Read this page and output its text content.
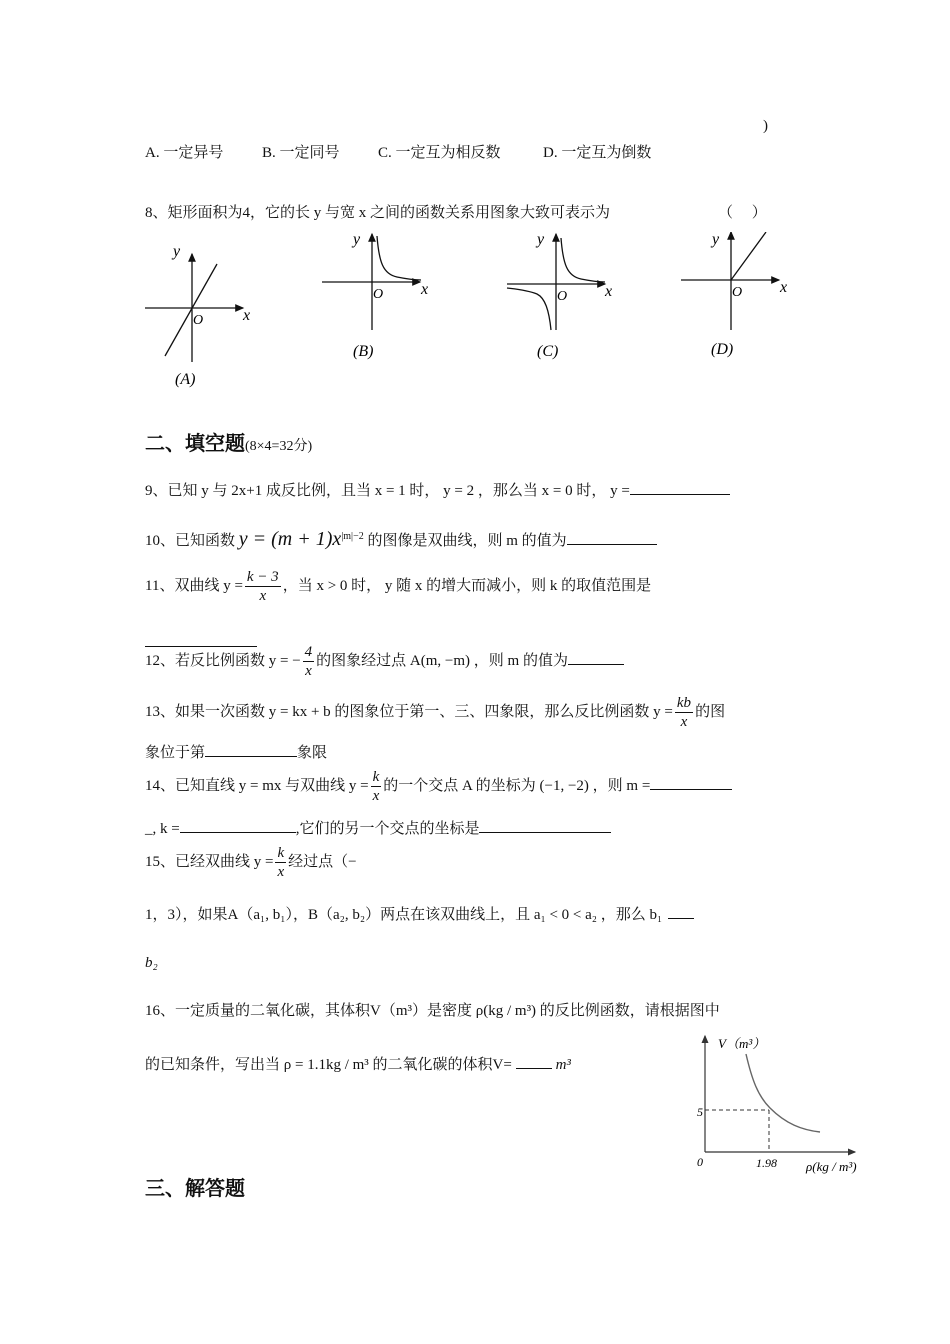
)
A. 一定异号	B. 一定同号	C. 一定互为相反数	D. 一定互为倒数
8、矩形面积为4，它的长 y 与宽 x 之间的函数关系用图象大致可表示为	（　 ）
y
x
O
(A)
y
x
O
(B)
y
x
O
(C)
y
x
O
(D)
二、填空题(8×4=32分)
9、已知 y 与 2x+1 成反比例，且当 x = 1 时， y = 2 ，那么当 x = 0 时， y =
10、已知函数 $y = (m + 1)x^{|m|-2}$ 的图像是双曲线，则 m 的值为
11、双曲线 $y = \frac{k - 3}{x}$ ，当 x > 0 时， y 随 x 的增大而减小，则 k 的取值范围是
12、若反比例函数 y = − $\frac{4}{x}$ 的图象经过点 A(m, −m) ，则 m 的值为
13、如果一次函数 y = kx + b 的图象位于第一、三、四象限，那么反比例函数 $y = \frac{kb}{x}$ 的图
象位于第	象限
14、已知直线 y = mx 与双曲线 $y = \frac{k}{x}$ 的一个交点 A 的坐标为 (−1, −2) ，则 m =
_, k =	,它们的另一个交点的坐标是
15、已经双曲线 $y = \frac{k}{x}$ 经过点（−
1，3），如果A（a₁, b₁），B（a₂, b₂）两点在该双曲线上，且 a₁ < 0 < a₂ ，那么 b₁
b₂
16、一定质量的二氧化碳，其体积V（m³）是密度 ρ(kg / m³) 的反比例函数，请根据图中
的已知条件，写出当 ρ = 1.1kg / m³ 的二氧化碳的体积V=	m³
V（m³）
5
0	1.98 ρ(kg / m³)
三、解答题
